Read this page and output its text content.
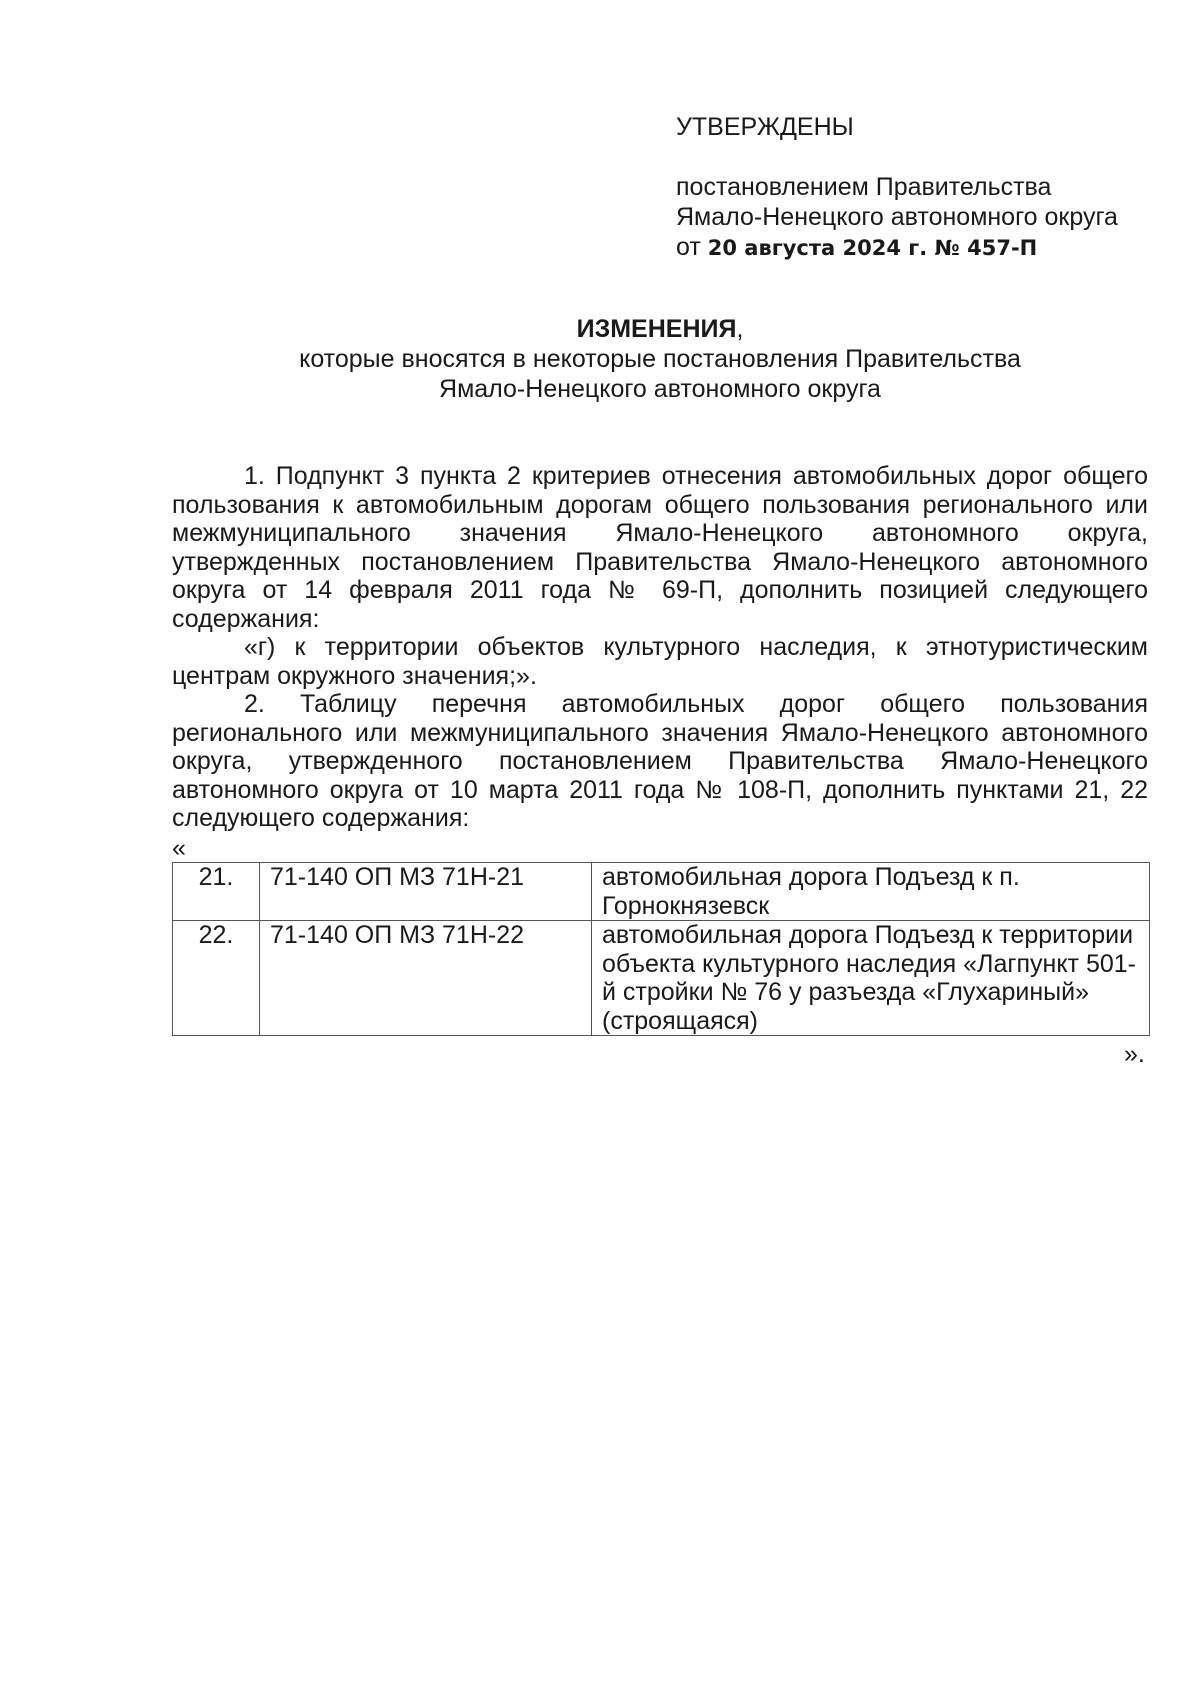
УТВЕРЖДЕНЫ
постановлением Правительства
Ямало-Ненецкого автономного округа
от 20 августа 2024 г. № 457-П
ИЗМЕНЕНИЯ,
которые вносятся в некоторые постановления Правительства
Ямало-Ненецкого автономного округа

1. Подпункт 3 пункта 2 критериев отнесения автомобильных дорог общего пользования к автомобильным дорогам общего пользования регионального или межмуниципального значения Ямало-Ненецкого автономного округа, утвержденных постановлением Правительства Ямало-Ненецкого автономного округа от 14 февраля 2011 года № 69-П, дополнить позицией следующего содержания:

«г) к территории объектов культурного наследия, к этнотуристическим центрам окружного значения;».

2. Таблицу перечня автомобильных дорог общего пользования регионального или межмуниципального значения Ямало-Ненецкого автономного округа, утвержденного постановлением Правительства Ямало-Ненецкого автономного округа от 10 марта 2011 года № 108-П, дополнить пунктами 21, 22 следующего содержания:

«
21.	71-140 ОП МЗ 71Н-21	автомобильная дорога Подъезд к п. Горнокнязевск
22.	71-140 ОП МЗ 71Н-22	автомобильная дорога Подъезд к территории объекта культурного наследия «Лагпункт 501-й стройки № 76 у разъезда «Глухариный» (строящаяся)
».
